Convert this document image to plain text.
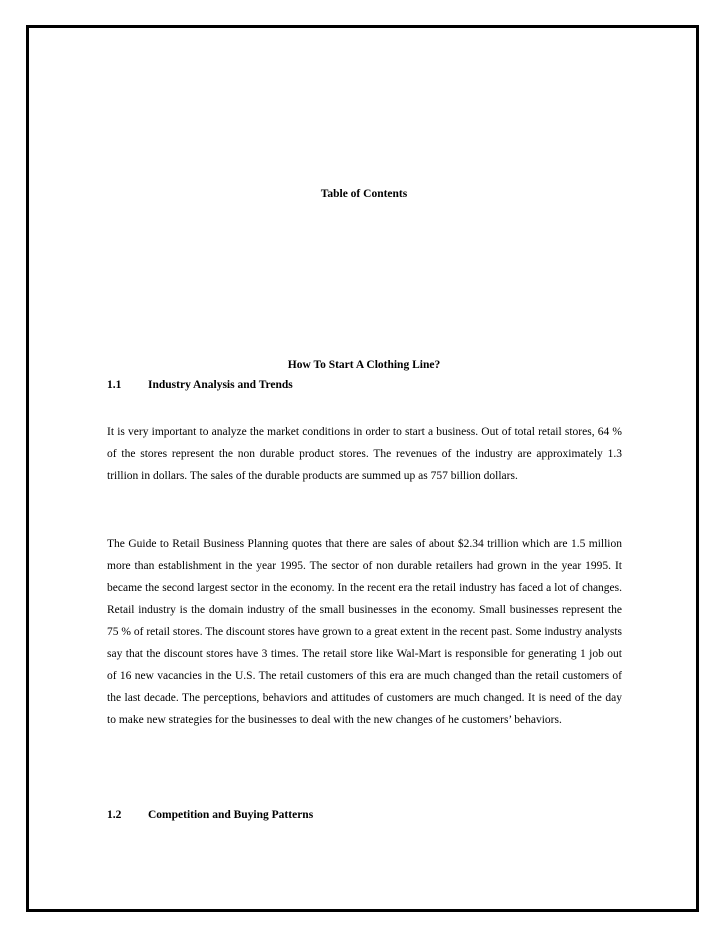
Table of Contents
How To Start A Clothing Line?
1.1 Industry Analysis and Trends

It is very important to analyze the market conditions in order to start a business. Out of total retail stores, 64 % of the stores represent the non durable product stores. The revenues of the industry are approximately 1.3 trillion in dollars. The sales of the durable products are summed up as 757 billion dollars.

The Guide to Retail Business Planning quotes that there are sales of about $2.34 trillion which are 1.5 million more than establishment in the year 1995. The sector of non durable retailers had grown in the year 1995. It became the second largest sector in the economy. In the recent era the retail industry has faced a lot of changes. Retail industry is the domain industry of the small businesses in the economy. Small businesses represent the 75 % of retail stores. The discount stores have grown to a great extent in the recent past. Some industry analysts say that the discount stores have 3 times. The retail store like Wal-Mart is responsible for generating 1 job out of 16 new vacancies in the U.S. The retail customers of this era are much changed than the retail customers of the last decade. The perceptions, behaviors and attitudes of customers are much changed. It is need of the day to make new strategies for the businesses to deal with the new changes of he customers’ behaviors.

1.2 Competition and Buying Patterns
